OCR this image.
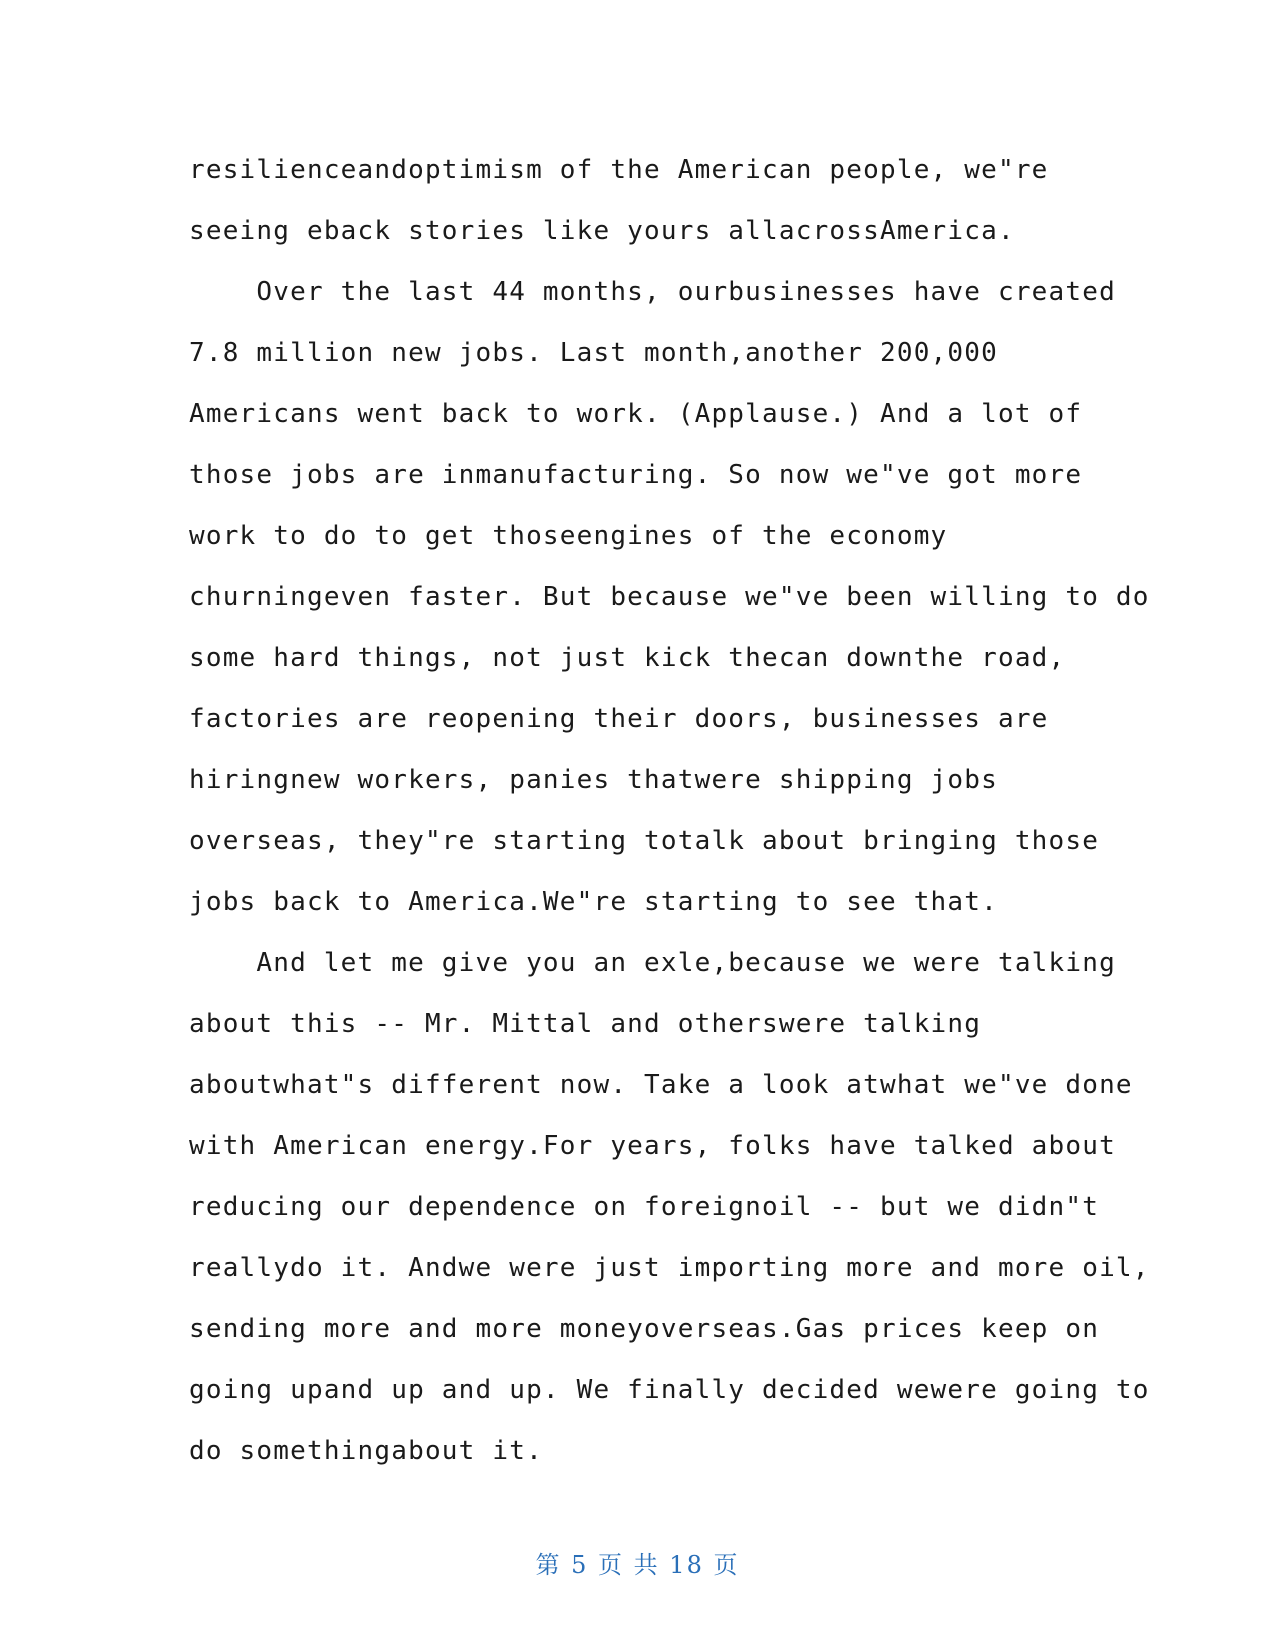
resilienceandoptimism of the American people, we"re
seeing eback stories like yours allacrossAmerica.
Over the last 44 months, ourbusinesses have created
7.8 million new jobs. Last month,another 200,000
Americans went back to work. (Applause.) And a lot of
those jobs are inmanufacturing. So now we"ve got more
work to do to get thoseengines of the economy
churningeven faster. But because we"ve been willing to do
some hard things, not just kick thecan downthe road,
factories are reopening their doors, businesses are
hiringnew workers, panies thatwere shipping jobs
overseas, they"re starting totalk about bringing those
jobs back to America.We"re starting to see that.
And let me give you an exle,because we were talking
about this -- Mr. Mittal and otherswere talking
aboutwhat"s different now. Take a look atwhat we"ve done
with American energy.For years, folks have talked about
reducing our dependence on foreignoil -- but we didn"t
reallydo it. Andwe were just importing more and more oil,
sending more and more moneyoverseas.Gas prices keep on
going upand up and up. We finally decided wewere going to
do somethingabout it.
第 5 页 共 18 页
